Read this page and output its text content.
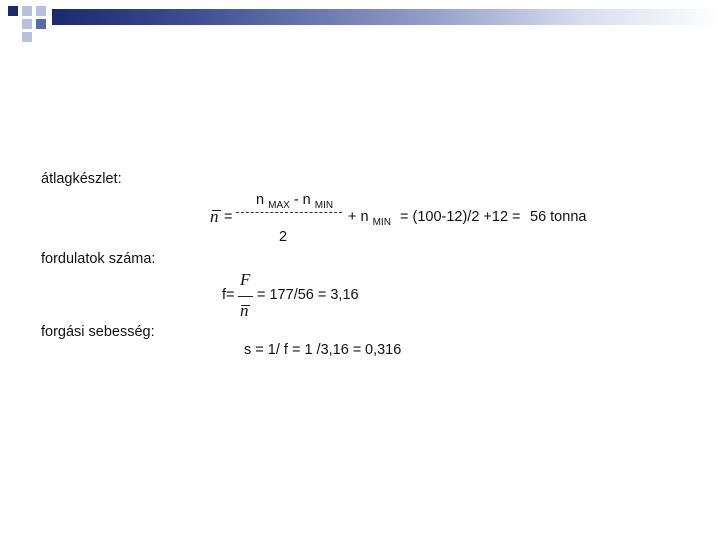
átlagkészlet:
n $_{MAX}$ - n $_{MIN}$
n =	+ n $_{MIN}$ = (100-12)/2 +12 = 56 tonna
2
fordulatok száma:
F
f= = 177/56 = 3,16
n
forgási sebesség:
s = 1/ f = 1 /3,16 = 0,316
